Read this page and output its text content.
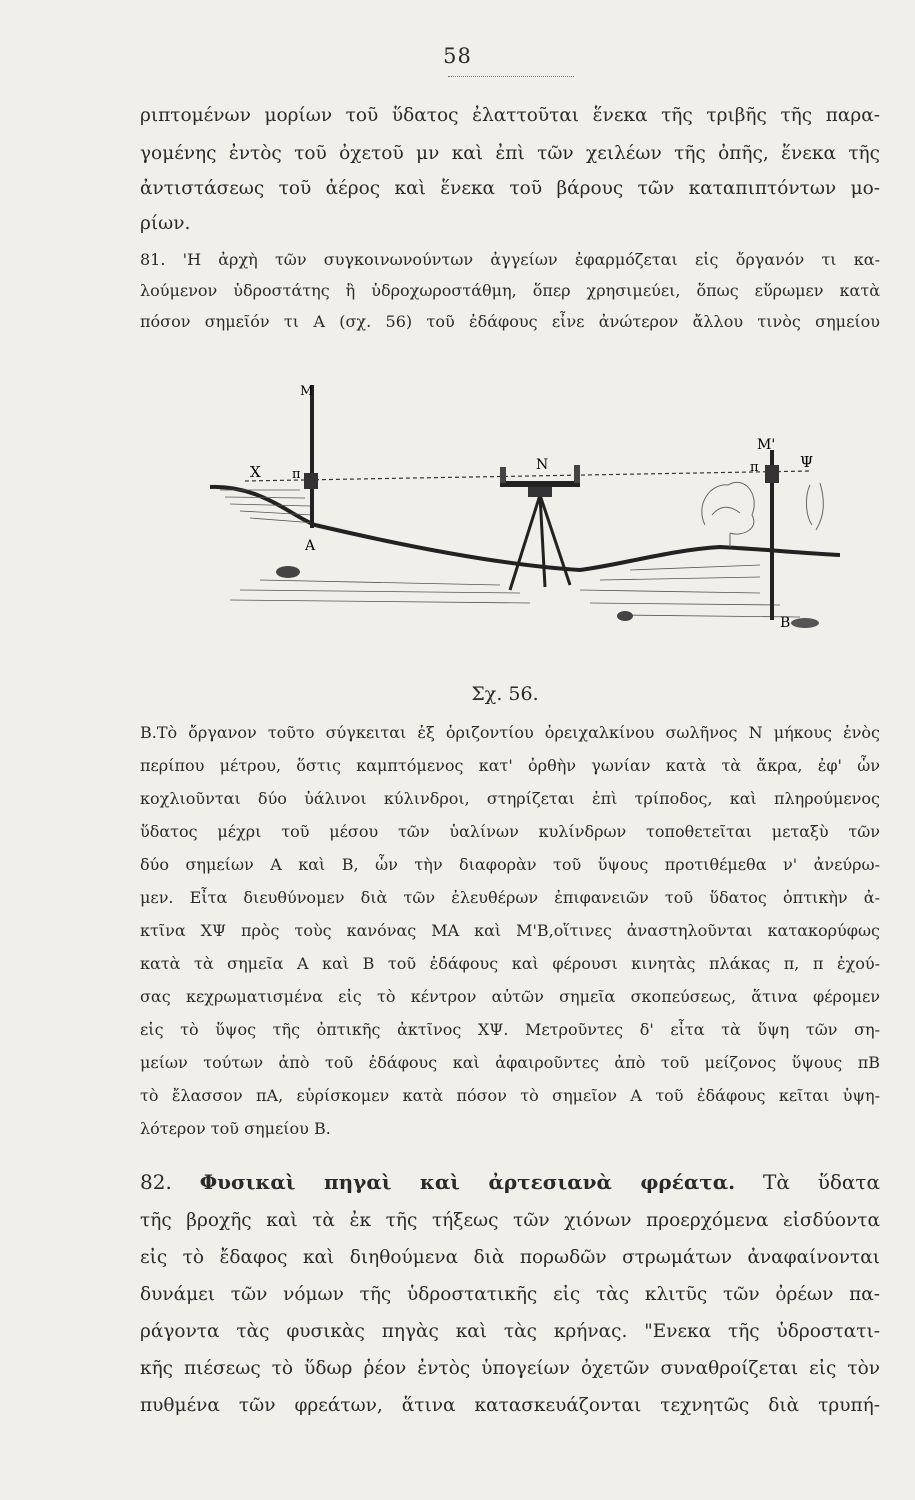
58
ριπτομένων μορίων τοῦ ὕδατος ἐλαττοῦται ἕνεκα τῆς τριβῆς τῆς παρα-
γομένης ἐντὸς τοῦ ὀχετοῦ μν καὶ ἐπὶ τῶν χειλέων τῆς ὀπῆς, ἕνεκα τῆς
ἀντιστάσεως τοῦ ἀέρος καὶ ἕνεκα τοῦ βάρους τῶν καταπιπτόντων μο-
ρίων.
81. 'Η ἀρχὴ τῶν συγκοινωνούντων ἀγγείων ἐφαρμόζεται εἰς ὄργανόν τι κα-
λούμενον ὑδροστάτης ἢ ὑδροχωροστάθμη, ὅπερ χρησιμεύει, ὅπως εὕρωμεν κατὰ
πόσον σημεῖόν τι Α (σχ. 56) τοῦ ἐδάφους εἶνε ἀνώτερον ἄλλου τινὸς σημείου
Μ
Χ π
Α
Ν
Μ'
π	Ψ
Β
Σχ. 56.
Β.Τὸ ὄργανον τοῦτο σύγκειται ἐξ ὁριζοντίου ὀρειχαλκίνου σωλῆνος Ν μήκους ἑνὸς
περίπου μέτρου, ὅστις καμπτόμενος κατ' ὀρθὴν γωνίαν κατὰ τὰ ἄκρα, ἐφ' ὧν
κοχλιοῦνται δύο ὑάλινοι κύλινδροι, στηρίζεται ἐπὶ τρίποδος, καὶ πληρούμενος
ὕδατος μέχρι τοῦ μέσου τῶν ὑαλίνων κυλίνδρων τοποθετεῖται μεταξὺ τῶν
δύο σημείων Α καὶ Β, ὧν τὴν διαφορὰν τοῦ ὕψους προτιθέμεθα ν' ἀνεύρω-
μεν. Εἶτα διευθύνομεν διὰ τῶν ἐλευθέρων ἐπιφανειῶν τοῦ ὕδατος ὀπτικὴν ἀ-
κτῖνα ΧΨ πρὸς τοὺς κανόνας ΜΑ καὶ Μ'Β,οἵτινες ἀναστηλοῦνται κατακορύφως
κατὰ τὰ σημεῖα Α καὶ Β τοῦ ἐδάφους καὶ φέρουσι κινητὰς πλάκας π, π ἐχού-
σας κεχρωματισμένα εἰς τὸ κέντρον αὐτῶν σημεῖα σκοπεύσεως, ἅτινα φέρομεν
εἰς τὸ ὕψος τῆς ὀπτικῆς ἀκτῖνος ΧΨ. Μετροῦντες δ' εἶτα τὰ ὕψη τῶν ση-
μείων τούτων ἀπὸ τοῦ ἐδάφους καὶ ἀφαιροῦντες ἀπὸ τοῦ μείζονος ὕψους πΒ
τὸ ἔλασσον πΑ, εὑρίσκομεν κατὰ πόσον τὸ σημεῖον Α τοῦ ἐδάφους κεῖται ὑψη-
λότερον τοῦ σημείου Β.
82. Φυσικαὶ πηγαὶ καὶ ἀρτεσιανὰ φρέατα. Τὰ ὕδατα
τῆς βροχῆς καὶ τὰ ἐκ τῆς τήξεως τῶν χιόνων προερχόμενα εἰσδύοντα
εἰς τὸ ἔδαφος καὶ διηθούμενα διὰ πορωδῶν στρωμάτων ἀναφαίνονται
δυνάμει τῶν νόμων τῆς ὑδροστατικῆς εἰς τὰς κλιτῦς τῶν ὀρέων πα-
ράγοντα τὰς φυσικὰς πηγὰς καὶ τὰς κρήνας. "Ενεκα τῆς ὑδροστατι-
κῆς πιέσεως τὸ ὕδωρ ῥέον ἐντὸς ὑπογείων ὀχετῶν συναθροίζεται εἰς τὸν
πυθμένα τῶν φρεάτων, ἅτινα κατασκευάζονται τεχνητῶς διὰ τρυπή-
